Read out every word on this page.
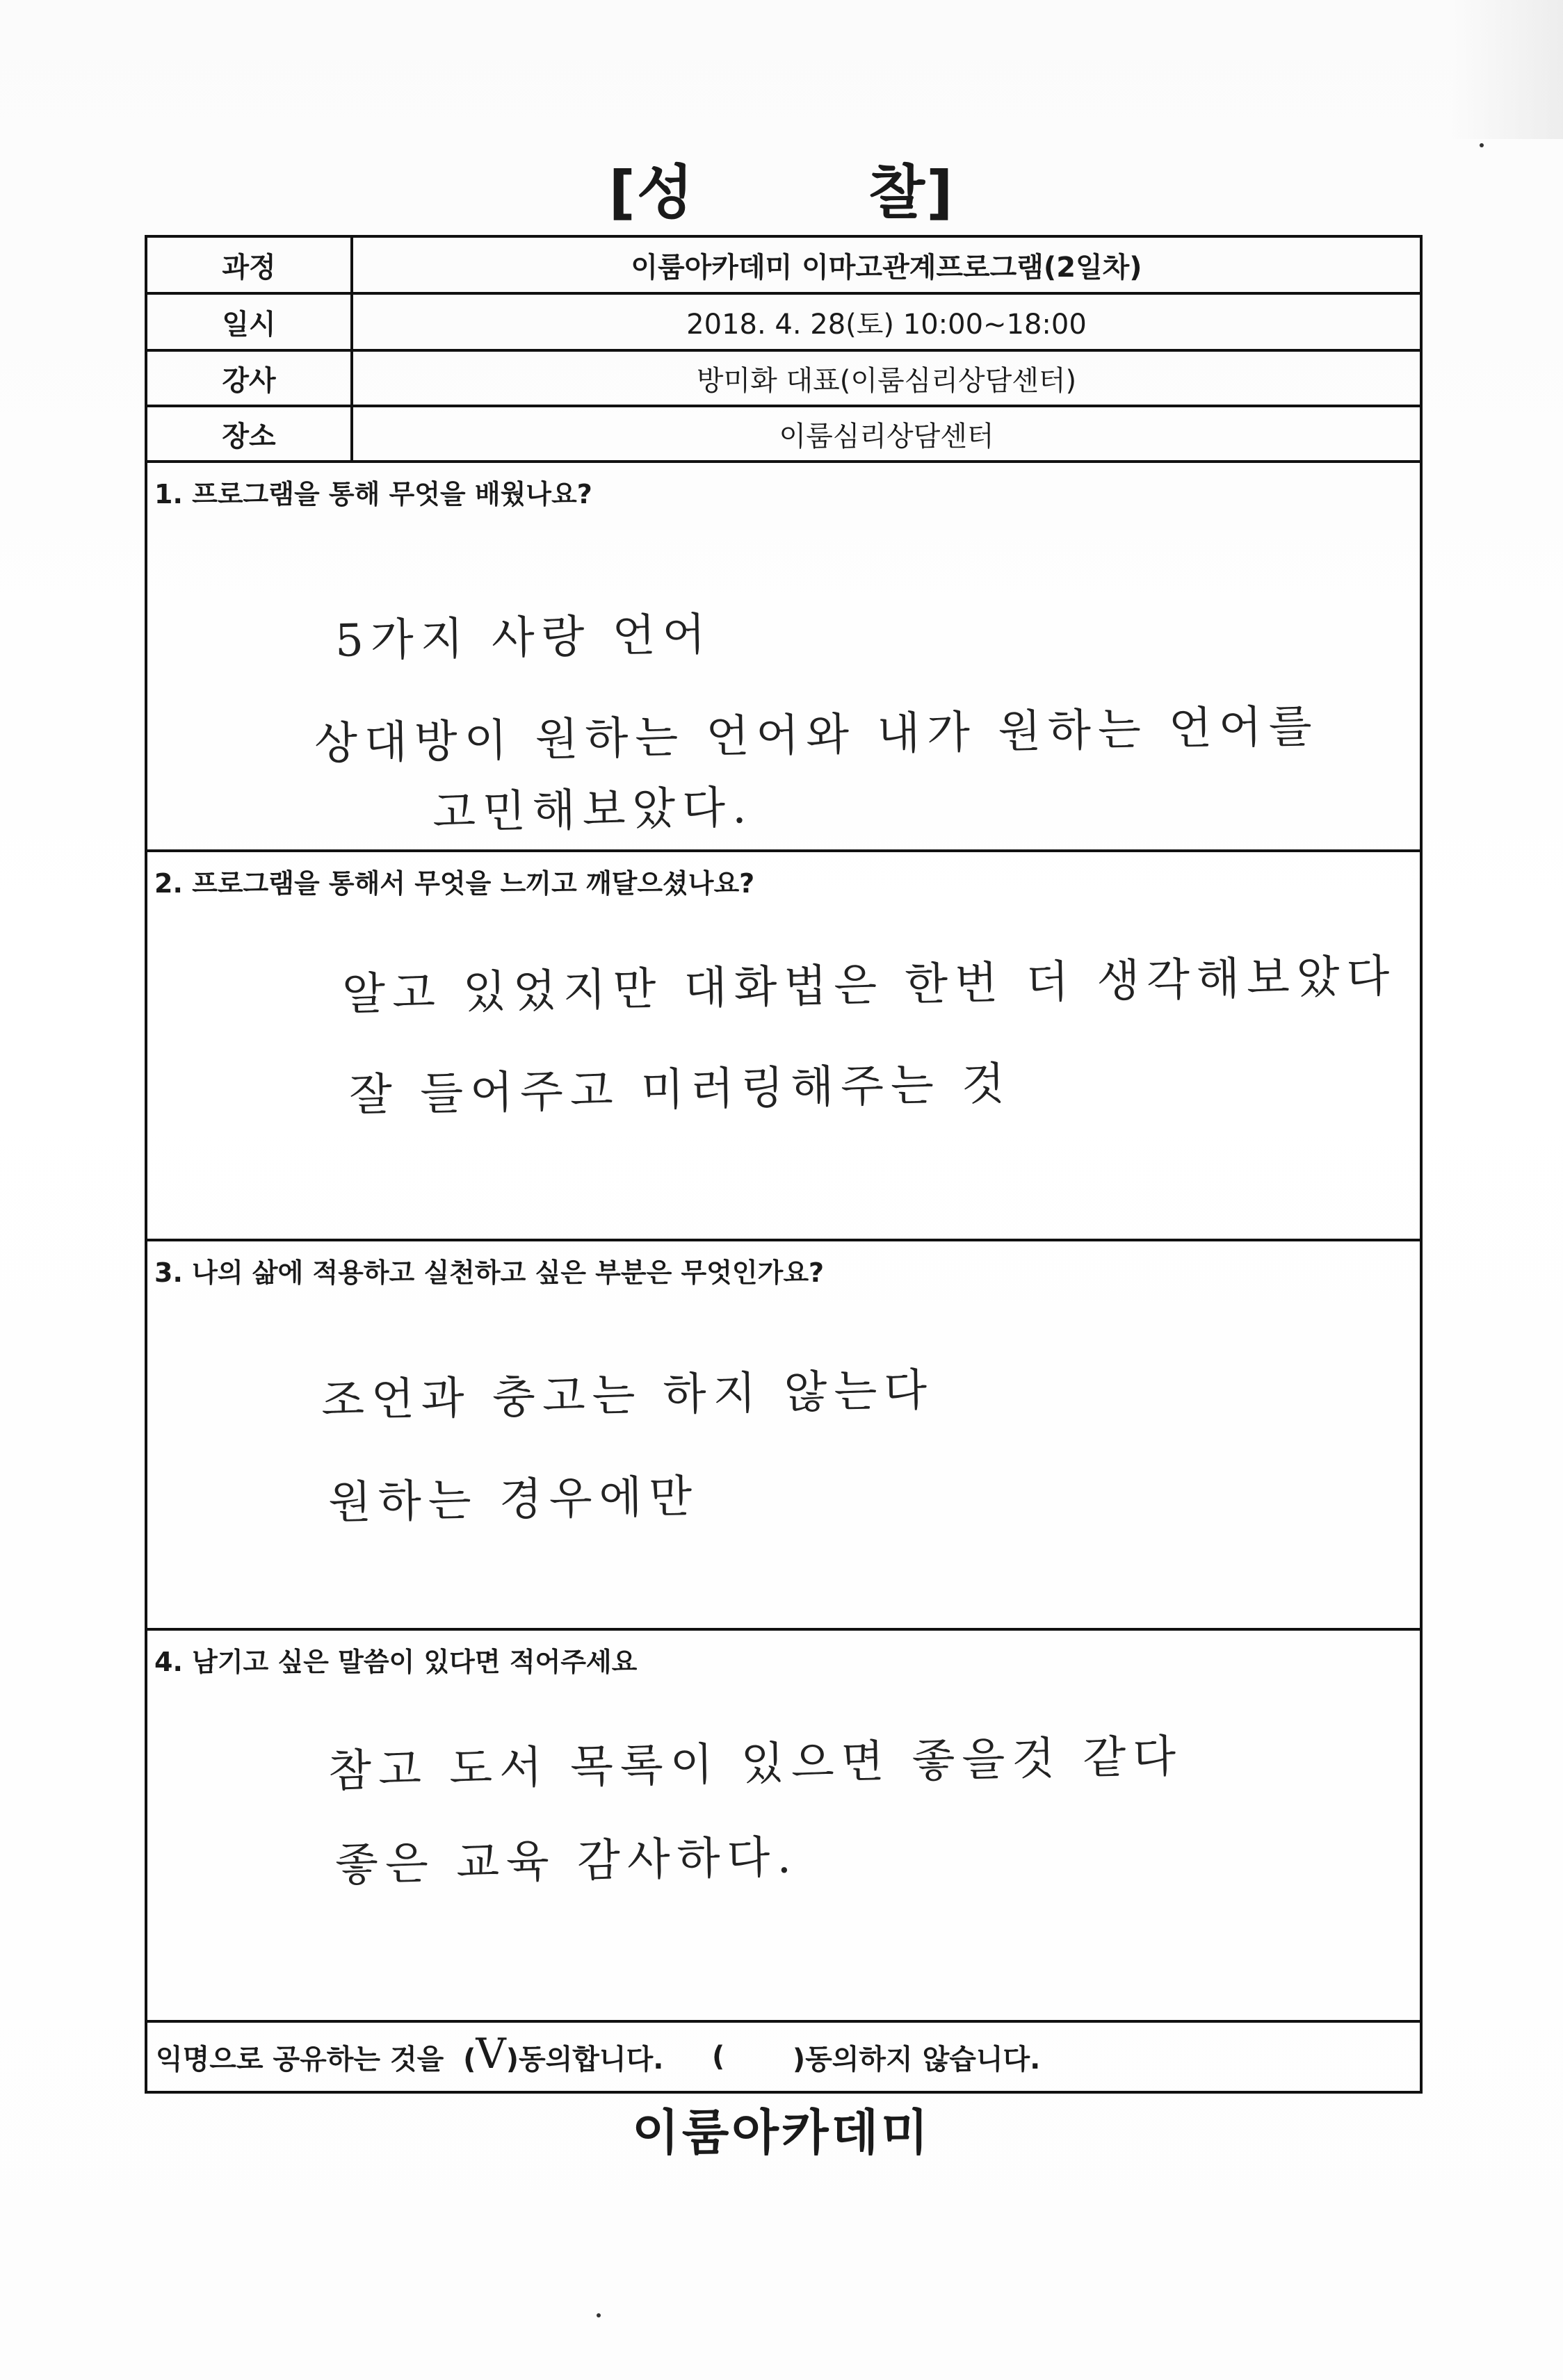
[성        찰]
과정	이룸아카데미 이마고관계프로그램(2일차)
일시	2018. 4. 28(토) 10:00~18:00
강사	방미화 대표(이룸심리상담센터)
장소	이룸심리상담센터
1. 프로그램을 통해 무엇을 배웠나요?
5가지 사랑 언어
상대방이 원하는 언어와 내가 원하는 언어를
고민해보았다.
2. 프로그램을 통해서 무엇을 느끼고 깨달으셨나요?
알고 있었지만 대화법은 한번 더 생각해보았다
잘 들어주고 미러링해주는 것
3. 나의 삶에 적용하고 실천하고 싶은 부분은 무엇인가요?
조언과 충고는 하지 않는다
원하는 경우에만
4. 남기고 싶은 말씀이 있다면 적어주세요
참고 도서 목록이 있으면 좋을것 같다
좋은 교육 감사하다.
익명으로 공유하는 것을  ( V )동의합니다. ( )동의하지 않습니다.
이룸아카데미
